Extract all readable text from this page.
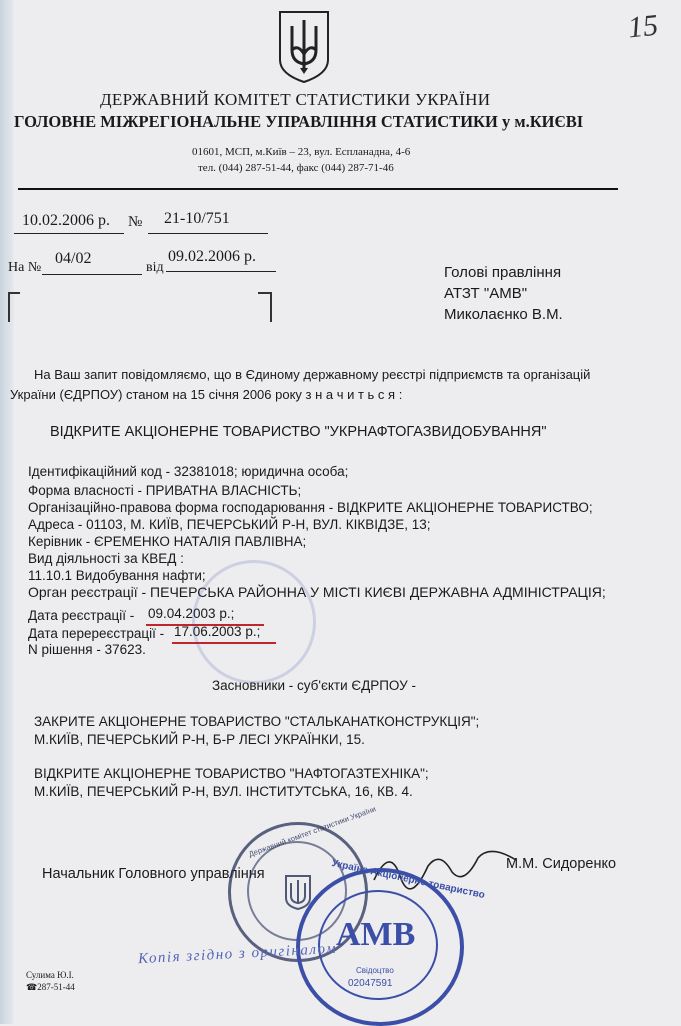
15
ДЕРЖАВНИЙ КОМІТЕТ СТАТИСТИКИ УКРАЇНИ
ГОЛОВНЕ МІЖРЕГІОНАЛЬНЕ УПРАВЛІННЯ СТАТИСТИКИ у м.КИЄВІ
01601, МСП, м.Київ – 23, вул. Еспланадна, 4-6
тел. (044) 287-51-44, факс (044) 287-71-46
10.02.2006 р. № 21-10/751
На №
04/02
від
09.02.2006 р.
Голові правління
АТЗТ "АМВ"
Миколаєнко В.М.
На Ваш запит повідомляємо, що в Єдиному державному реєстрі підприємств та організацій
України (ЄДРПОУ) станом на 15 січня 2006 року з н а ч и т ь с я :
ВІДКРИТЕ АКЦІОНЕРНЕ ТОВАРИСТВО "УКРНАФТОГАЗВИДОБУВАННЯ"
Ідентифікаційний код - 32381018; юридична особа;
Форма власності - ПРИВАТНА ВЛАСНІСТЬ;
Організаційно-правова форма господарювання - ВІДКРИТЕ АКЦІОНЕРНЕ ТОВАРИСТВО;
Адреса - 01103, М. КИЇВ, ПЕЧЕРСЬКИЙ Р-Н, ВУЛ. КІКВІДЗЕ, 13;
Керівник - ЄРЕМЕНКО НАТАЛІЯ ПАВЛІВНА;
Вид діяльності за КВЕД :
11.10.1 Видобування нафти;
Орган реєстрації - ПЕЧЕРСЬКА РАЙОННА У МІСТІ КИЄВІ ДЕРЖАВНА АДМІНІСТРАЦІЯ;
Дата реєстрації - 09.04.2003 р.;
Дата перереєстрації - 17.06.2003 р.;
N рішення - 37623.
Засновники - суб'єкти ЄДРПОУ -
ЗАКРИТЕ АКЦІОНЕРНЕ ТОВАРИСТВО "СТАЛЬКАНАТКОНСТРУКЦІЯ";
М.КИЇВ, ПЕЧЕРСЬКИЙ Р-Н, Б-Р ЛЕСІ УКРАЇНКИ, 15.
ВІДКРИТЕ АКЦІОНЕРНЕ ТОВАРИСТВО "НАФТОГАЗТЕХНІКА";
М.КИЇВ, ПЕЧЕРСЬКИЙ Р-Н, ВУЛ. ІНСТИТУТСЬКА, 16, КВ. 4.
Начальник Головного управління
М.М. Сидоренко
Державний комітет статистики України
Україна Акціонерне товариство
АМВ
Свідоцтво
02047591
Копія згідно з оригіналом
Сулима Ю.І.
☎287-51-44
